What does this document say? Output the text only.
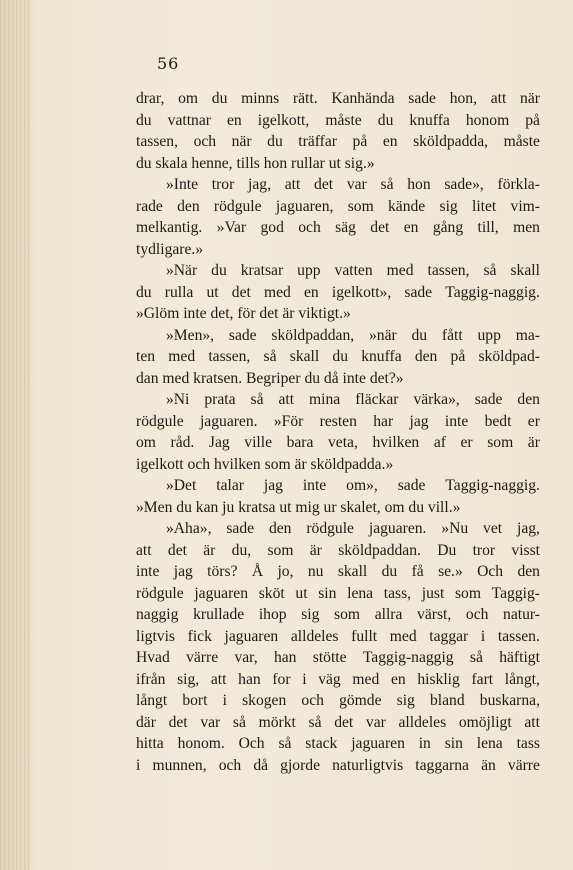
56
drar, om du minns rätt. Kanhända sade hon, att när
du vattnar en igelkott, måste du knuffa honom på
tassen, och när du träffar på en sköldpadda, måste
du skala henne, tills hon rullar ut sig.»
»Inte tror jag, att det var så hon sade», förkla-
rade den rödgule jaguaren, som kände sig litet vim-
melkantig. »Var god och säg det en gång till, men
tydligare.»
»När du kratsar upp vatten med tassen, så skall
du rulla ut det med en igelkott», sade Taggig-naggig.
»Glöm inte det, för det är viktigt.»
»Men», sade sköldpaddan, »när du fått upp ma-
ten med tassen, så skall du knuffa den på sköldpad-
dan med kratsen. Begriper du då inte det?»
»Ni prata så att mina fläckar värka», sade den
rödgule jaguaren. »För resten har jag inte bedt er
om råd. Jag ville bara veta, hvilken af er som är
igelkott och hvilken som är sköldpadda.»
»Det talar jag inte om», sade Taggig-naggig.
»Men du kan ju kratsa ut mig ur skalet, om du vill.»
»Aha», sade den rödgule jaguaren. »Nu vet jag,
att det är du, som är sköldpaddan. Du tror visst
inte jag törs? Å jo, nu skall du få se.» Och den
rödgule jaguaren sköt ut sin lena tass, just som Taggig-
naggig krullade ihop sig som allra värst, och natur-
ligtvis fick jaguaren alldeles fullt med taggar i tassen.
Hvad värre var, han stötte Taggig-naggig så häftigt
ifrån sig, att han for i väg med en hisklig fart långt,
långt bort i skogen och gömde sig bland buskarna,
där det var så mörkt så det var alldeles omöjligt att
hitta honom. Och så stack jaguaren in sin lena tass
i munnen, och då gjorde naturligtvis taggarna än värre
